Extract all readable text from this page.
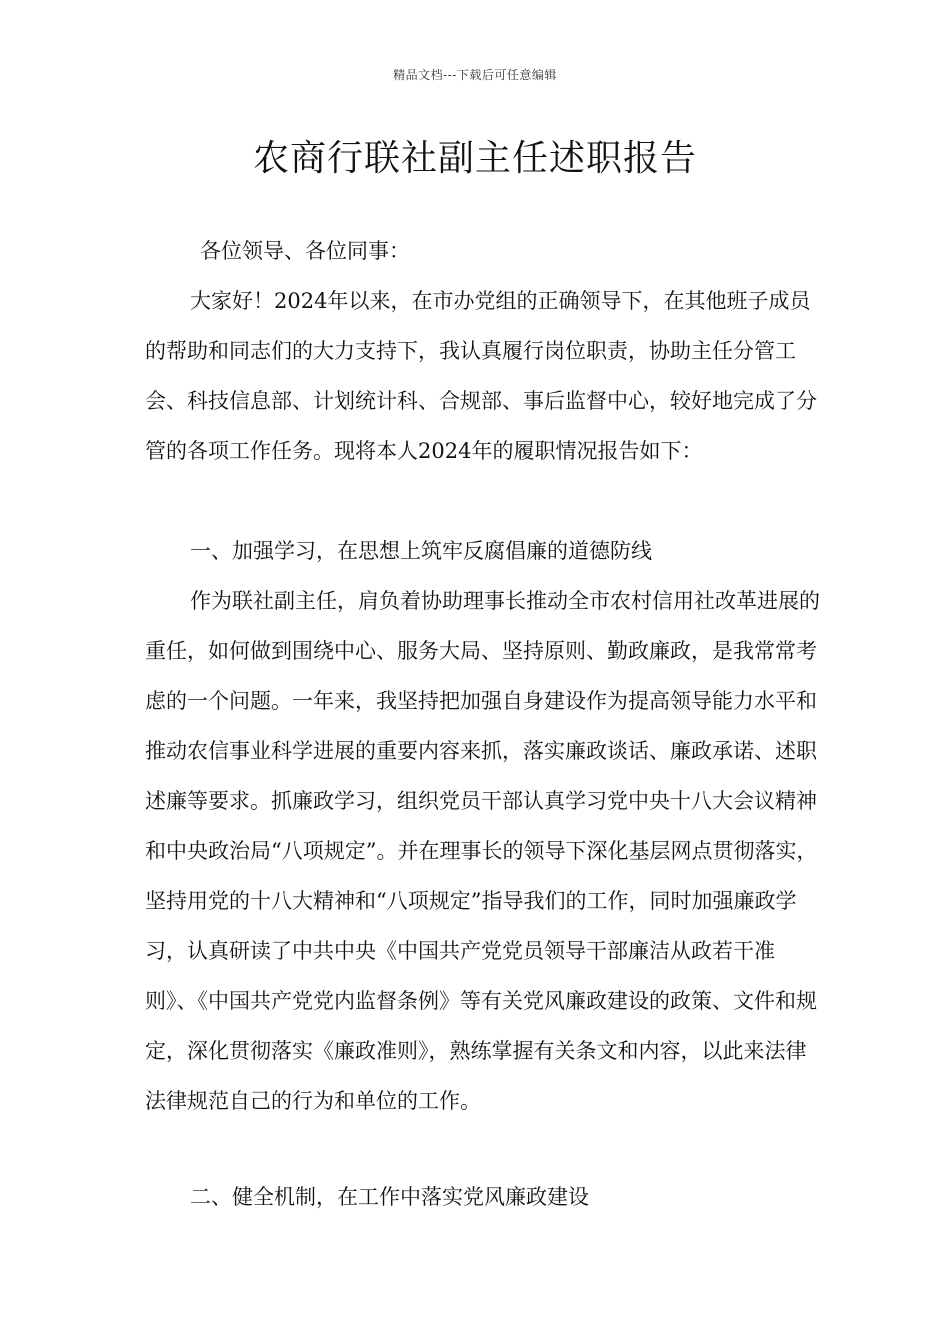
精品文档---下载后可任意编辑
农商行联社副主任述职报告

各位领导、各位同事：

大家好！2024年以来，在市办党组的正确领导下，在其他班子成员的帮助和同志们的大力支持下，我认真履行岗位职责，协助主任分管工会、科技信息部、计划统计科、合规部、事后监督中心，较好地完成了分管的各项工作任务。现将本人2024年的履职情况报告如下：

一、加强学习，在思想上筑牢反腐倡廉的道德防线

作为联社副主任，肩负着协助理事长推动全市农村信用社改革进展的重任，如何做到围绕中心、服务大局、坚持原则、勤政廉政，是我常常考虑的一个问题。一年来，我坚持把加强自身建设作为提高领导能力水平和推动农信事业科学进展的重要内容来抓，落实廉政谈话、廉政承诺、述职述廉等要求。抓廉政学习，组织党员干部认真学习党中央十八大会议精神和中央政治局“八项规定”。并在理事长的领导下深化基层网点贯彻落实，坚持用党的十八大精神和“八项规定”指导我们的工作，同时加强廉政学习，认真研读了中共中央《中国共产党党员领导干部廉洁从政若干准则》、《中国共产党党内监督条例》等有关党风廉政建设的政策、文件和规定，深化贯彻落实《廉政准则》，熟练掌握有关条文和内容，以此来法律法律规范自己的行为和单位的工作。

二、健全机制，在工作中落实党风廉政建设
